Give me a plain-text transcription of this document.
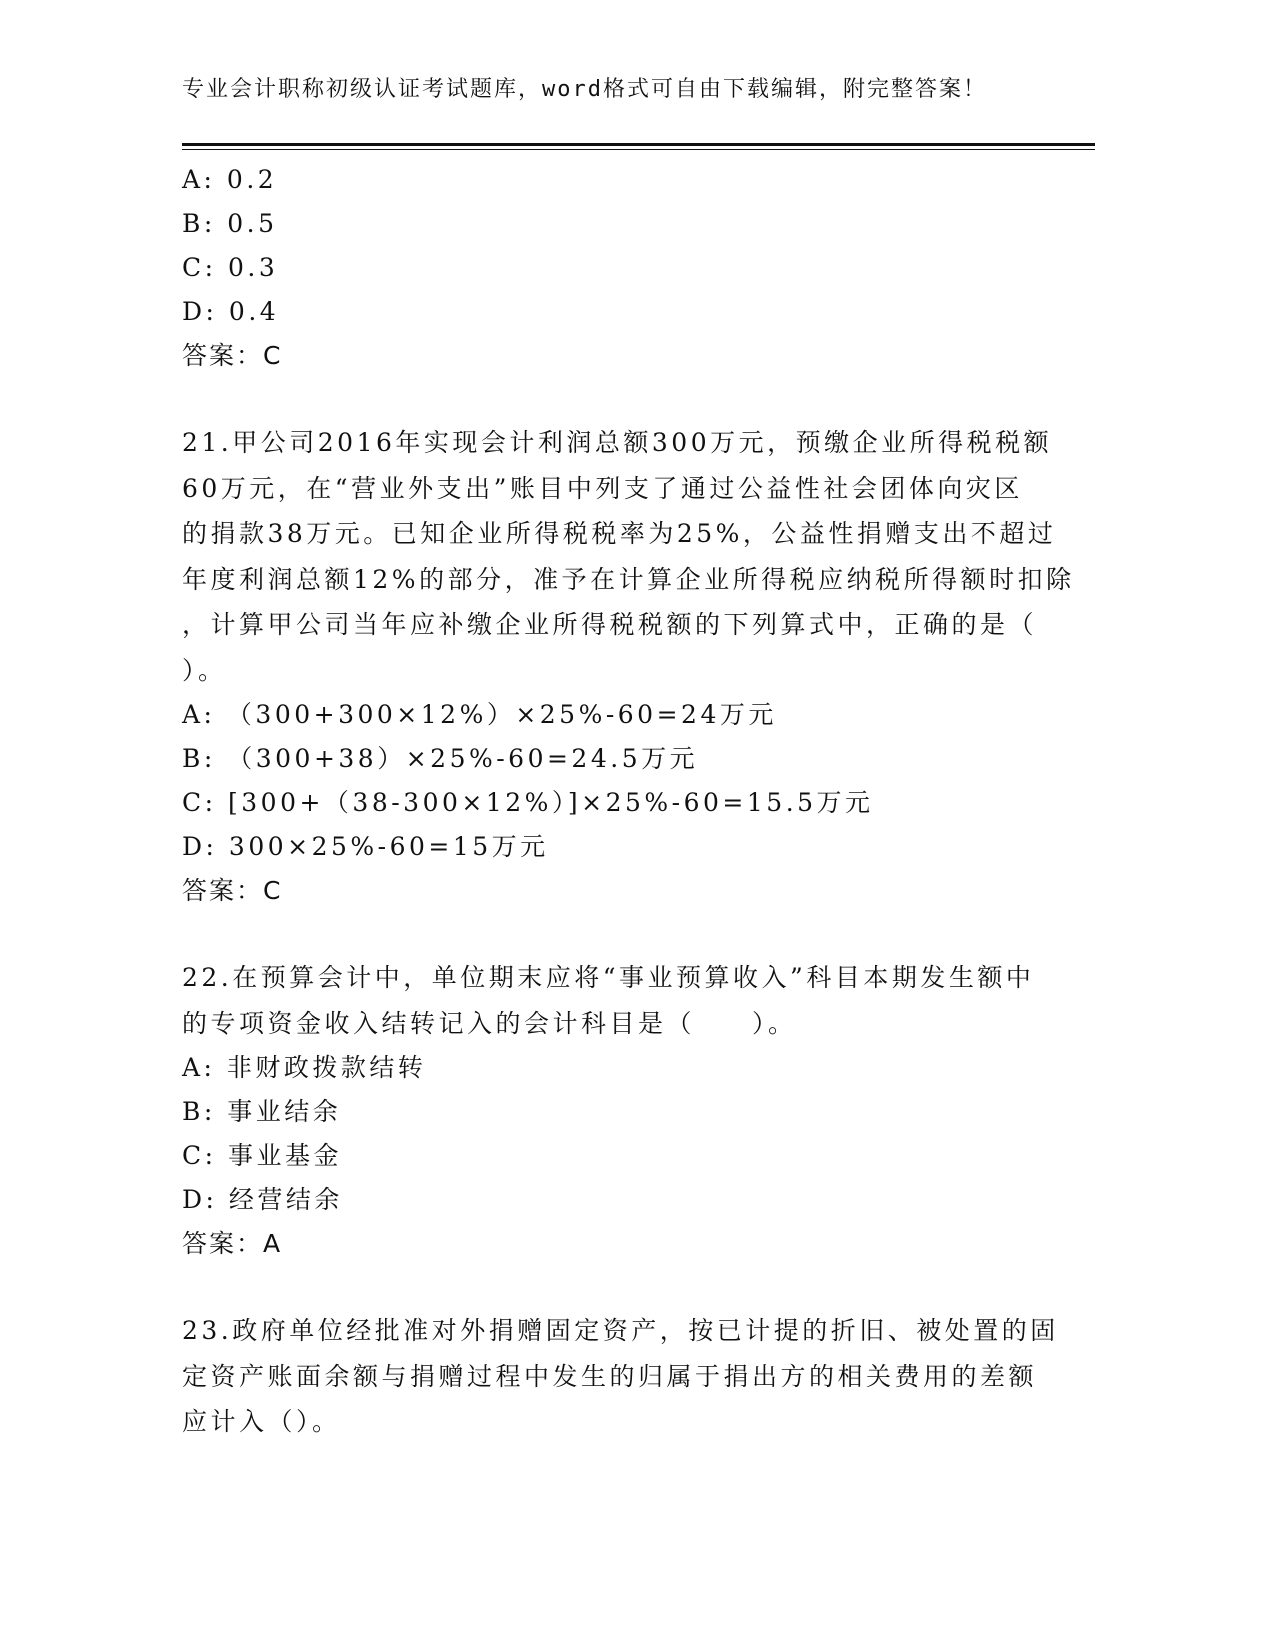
专业会计职称初级认证考试题库，word格式可自由下载编辑，附完整答案！
A: 0.2
B: 0.5
C: 0.3
D: 0.4
答案：C
21.甲公司2016年实现会计利润总额300万元，预缴企业所得税税额
60万元，在“营业外支出”账目中列支了通过公益性社会团体向灾区
的捐款38万元。已知企业所得税税率为25%，公益性捐赠支出不超过
年度利润总额12%的部分，准予在计算企业所得税应纳税所得额时扣除
，计算甲公司当年应补缴企业所得税税额的下列算式中，正确的是（
）。
A: （300+300×12%）×25%-60=24万元
B: （300+38）×25%-60=24.5万元
C: [300+（38-300×12%）]×25%-60=15.5万元
D: 300×25%-60=15万元
答案：C
22.在预算会计中，单位期末应将“事业预算收入”科目本期发生额中
的专项资金收入结转记入的会计科目是（　　）。
A: 非财政拨款结转
B: 事业结余
C: 事业基金
D: 经营结余
答案：A
23.政府单位经批准对外捐赠固定资产，按已计提的折旧、被处置的固
定资产账面余额与捐赠过程中发生的归属于捐出方的相关费用的差额
应计入（）。
